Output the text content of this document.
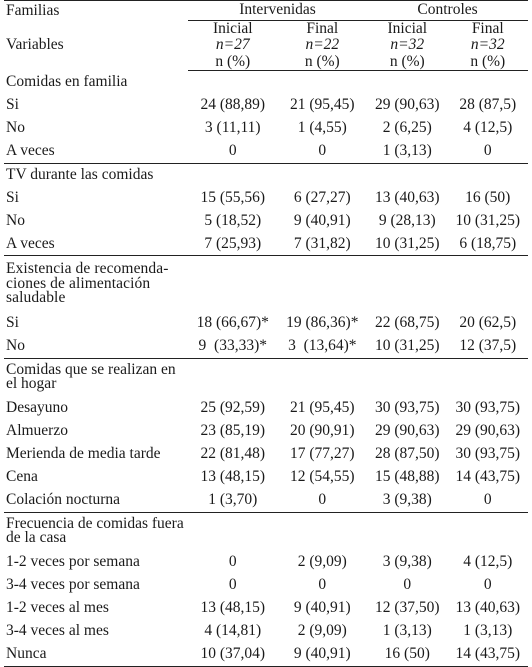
Familias	Intervenidas		Controles	
Variables	Inicial	Final	Inicial	Final
	n=27	n=22	n=32	n=32
	n (%)	n (%)	n (%)	n (%)
Comidas en familia				
Si	24 (88,89)	21 (95,45)	29 (90,63)	28 (87,5)
No	3 (11,11)	1 (4,55)	2 (6,25)	4 (12,5)
A veces	0	0	1 (3,13)	0
TV durante las comidas				
Si	15 (55,56)	6 (27,27)	13 (40,63)	16 (50)
No	5 (18,52)	9 (40,91)	9 (28,13)	10 (31,25)
A veces	7 (25,93)	7 (31,82)	10 (31,25)	6 (18,75)
Existencia de recomenda- ciones de alimentación saludable				
Si	18 (66,67)*	19 (86,36)*	22 (68,75)	20 (62,5)
No	9  (33,33)*	3  (13,64)*	10 (31,25)	12 (37,5)
Comidas que se realizan en el hogar				
Desayuno	25 (92,59)	21 (95,45)	30 (93,75)	30 (93,75)
Almuerzo	23 (85,19)	20 (90,91)	29 (90,63)	29 (90,63)
Merienda de media tarde	22 (81,48)	17 (77,27)	28 (87,50)	30 (93,75)
Cena	13 (48,15)	12 (54,55)	15 (48,88)	14 (43,75)
Colación nocturna	1 (3,70)	0	3 (9,38)	0
Frecuencia de comidas fuera de la casa				
1-2 veces por semana	0	2 (9,09)	3 (9,38)	4 (12,5)
3-4 veces por semana	0	0	0	0
1-2 veces al mes	13 (48,15)	9 (40,91)	12 (37,50)	13 (40,63)
3-4 veces al mes	4 (14,81)	2 (9,09)	1 (3,13)	1 (3,13)
Nunca	10 (37,04)	9 (40,91)	16 (50)	14 (43,75)
